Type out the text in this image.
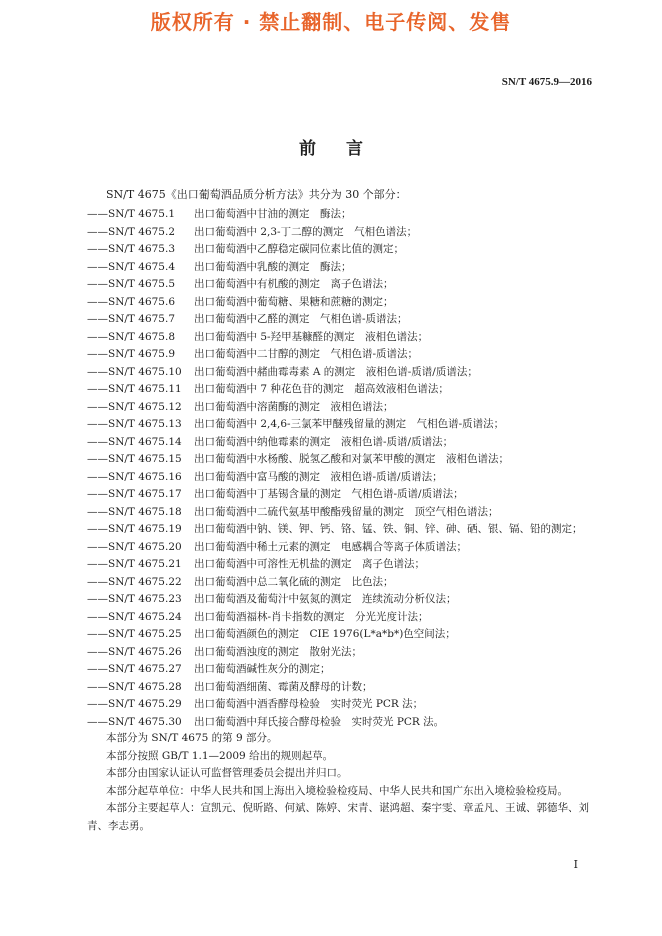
版权所有 · 禁止翻制、电子传阅、发售
SN/T 4675.9—2016
前言
SN/T 4675《出口葡萄酒品质分析方法》共分为 30 个部分：
——SN/T 4675.1 出口葡萄酒中甘油的测定　酶法；
——SN/T 4675.2 出口葡萄酒中 2,3-丁二醇的测定　气相色谱法；
——SN/T 4675.3 出口葡萄酒中乙醇稳定碳同位素比值的测定；
——SN/T 4675.4 出口葡萄酒中乳酸的测定　酶法；
——SN/T 4675.5 出口葡萄酒中有机酸的测定　离子色谱法；
——SN/T 4675.6 出口葡萄酒中葡萄糖、果糖和蔗糖的测定；
——SN/T 4675.7 出口葡萄酒中乙醛的测定　气相色谱-质谱法；
——SN/T 4675.8 出口葡萄酒中 5-羟甲基糠醛的测定　液相色谱法；
——SN/T 4675.9 出口葡萄酒中二甘醇的测定　气相色谱-质谱法；
——SN/T 4675.10 出口葡萄酒中赭曲霉毒素 A 的测定　液相色谱-质谱/质谱法；
——SN/T 4675.11 出口葡萄酒中 7 种花色苷的测定　超高效液相色谱法；
——SN/T 4675.12 出口葡萄酒中溶菌酶的测定　液相色谱法；
——SN/T 4675.13 出口葡萄酒中 2,4,6-三氯苯甲醚残留量的测定　气相色谱-质谱法；
——SN/T 4675.14 出口葡萄酒中纳他霉素的测定　液相色谱-质谱/质谱法；
——SN/T 4675.15 出口葡萄酒中水杨酸、脱氢乙酸和对氯苯甲酸的测定　液相色谱法；
——SN/T 4675.16 出口葡萄酒中富马酸的测定　液相色谱-质谱/质谱法；
——SN/T 4675.17 出口葡萄酒中丁基锡含量的测定　气相色谱-质谱/质谱法；
——SN/T 4675.18 出口葡萄酒中二硫代氨基甲酸酯残留量的测定　顶空气相色谱法；
——SN/T 4675.19 出口葡萄酒中钠、镁、钾、钙、铬、锰、铁、铜、锌、砷、硒、银、镉、铅的测定；
——SN/T 4675.20 出口葡萄酒中稀土元素的测定　电感耦合等离子体质谱法；
——SN/T 4675.21 出口葡萄酒中可溶性无机盐的测定　离子色谱法；
——SN/T 4675.22 出口葡萄酒中总二氧化硫的测定　比色法；
——SN/T 4675.23 出口葡萄酒及葡萄汁中氨氮的测定　连续流动分析仪法；
——SN/T 4675.24 出口葡萄酒福林-肖卡指数的测定　分光光度计法；
——SN/T 4675.25 出口葡萄酒颜色的测定　CIE 1976(L*a*b*)色空间法；
——SN/T 4675.26 出口葡萄酒浊度的测定　散射光法；
——SN/T 4675.27 出口葡萄酒碱性灰分的测定；
——SN/T 4675.28 出口葡萄酒细菌、霉菌及酵母的计数；
——SN/T 4675.29 出口葡萄酒中酒香酵母检验　实时荧光 PCR 法；
——SN/T 4675.30 出口葡萄酒中拜氏接合酵母检验　实时荧光 PCR 法。

本部分为 SN/T 4675 的第 9 部分。

本部分按照 GB/T 1.1—2009 给出的规则起草。

本部分由国家认证认可监督管理委员会提出并归口。

本部分起草单位：中华人民共和国上海出入境检验检疫局、中华人民共和国广东出入境检验检疫局。

本部分主要起草人：宣凯元、倪昕路、何斌、陈婷、宋青、谌鸿超、秦宇雯、章孟凡、王诚、郭德华、刘青、李志勇。

I
